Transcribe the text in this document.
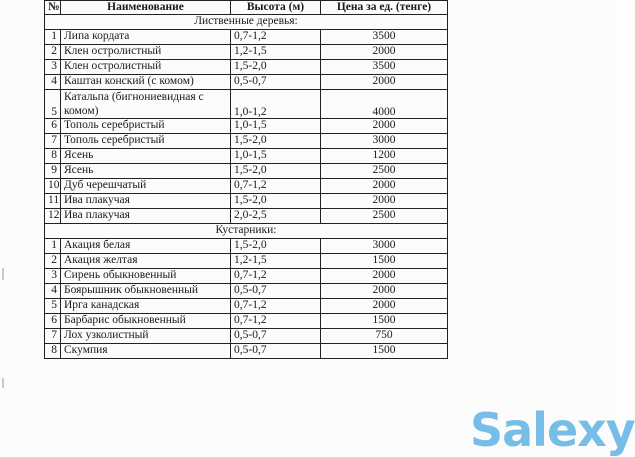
№	Наименование	Высота (м)	Цена за ед. (тенге)
Лиственные деревья:			
1	Липа кордата	0,7-1,2	3500
2	Клен остролистный	1,2-1,5	2000
3	Клен остролистный	1,5-2,0	3500
4	Каштан конский (с комом)	0,5-0,7	2000
5	Катальпа (бигнониевидная с комом)	1,0-1,2	4000
6	Тополь серебристый	1,0-1,5	2000
7	Тополь серебристый	1,5-2,0	3000
8	Ясень	1,0-1,5	1200
9	Ясень	1,5-2,0	2500
10	Дуб черешчатый	0,7-1,2	2000
11	Ива плакучая	1,5-2,0	2000
12	Ива плакучая	2,0-2,5	2500
Кустарники:			
1	Акация белая	1,5-2,0	3000
2	Акация желтая	1,2-1,5	1500
3	Сирень обыкновенный	0,7-1,2	2000
4	Боярышник обыкновенный	0,5-0,7	2000
5	Ирга канадская	0,7-1,2	2000
6	Барбарис обыкновенный	0,7-1,2	1500
7	Лох узколистный	0,5-0,7	750
8	Скумпия	0,5-0,7	1500
Salexy
